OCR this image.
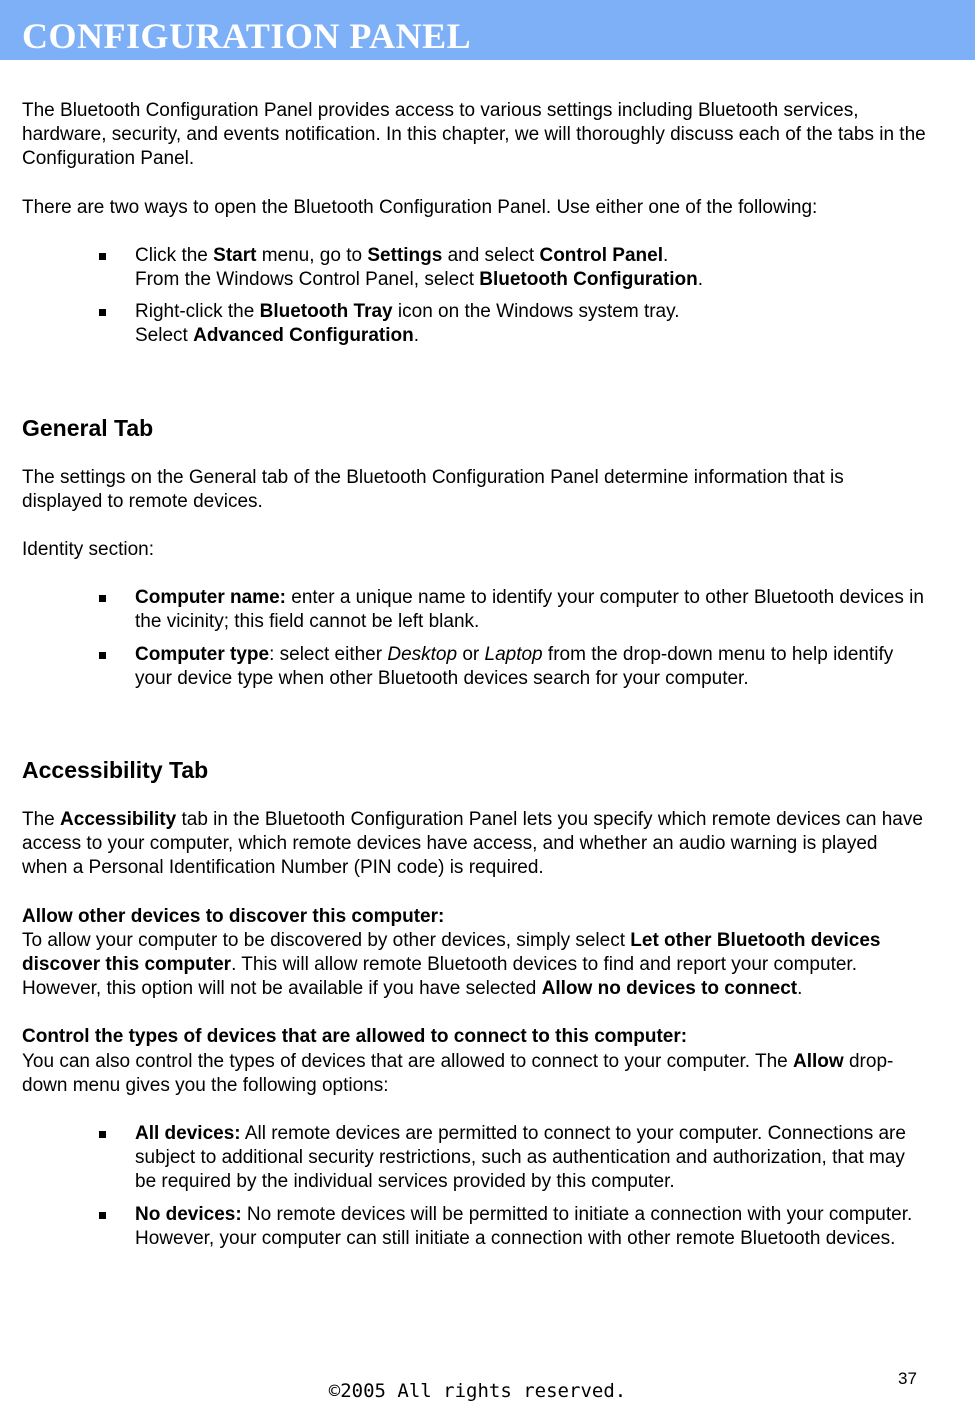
CONFIGURATION PANEL

The Bluetooth Configuration Panel provides access to various settings including Bluetooth services, hardware, security, and events notification. In this chapter, we will thoroughly discuss each of the tabs in the Configuration Panel.

There are two ways to open the Bluetooth Configuration Panel. Use either one of the following:

Click the Start menu, go to Settings and select Control Panel.
From the Windows Control Panel, select Bluetooth Configuration.
Right-click the Bluetooth Tray icon on the Windows system tray.
Select Advanced Configuration.
General Tab

The settings on the General tab of the Bluetooth Configuration Panel determine information that is displayed to remote devices.

Identity section:

Computer name: enter a unique name to identify your computer to other Bluetooth devices in the vicinity; this field cannot be left blank.
Computer type: select either Desktop or Laptop from the drop-down menu to help identify your device type when other Bluetooth devices search for your computer.
Accessibility Tab

The Accessibility tab in the Bluetooth Configuration Panel lets you specify which remote devices can have access to your computer, which remote devices have access, and whether an audio warning is played when a Personal Identification Number (PIN code) is required.

Allow other devices to discover this computer:

To allow your computer to be discovered by other devices, simply select Let other Bluetooth devices discover this computer. This will allow remote Bluetooth devices to find and report your computer. However, this option will not be available if you have selected Allow no devices to connect.

Control the types of devices that are allowed to connect to this computer:

You can also control the types of devices that are allowed to connect to your computer. The Allow drop-down menu gives you the following options:

All devices: All remote devices are permitted to connect to your computer. Connections are subject to additional security restrictions, such as authentication and authorization, that may be required by the individual services provided by this computer.
No devices: No remote devices will be permitted to initiate a connection with your computer. However, your computer can still initiate a connection with other remote Bluetooth devices.
37
©2005 All rights reserved.
